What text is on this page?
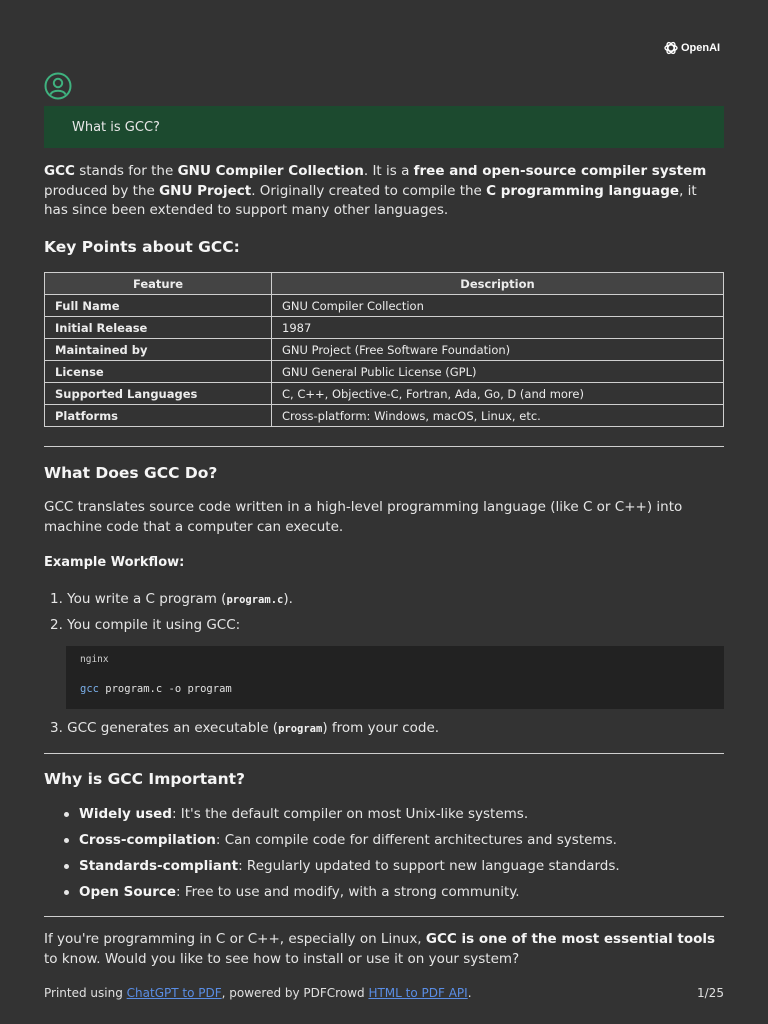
OpenAI
What is GCC?
GCC stands for the GNU Compiler Collection. It is a free and open-source compiler system produced by the GNU Project. Originally created to compile the C programming language, it has since been extended to support many other languages.
Key Points about GCC:
Feature	Description
Full Name	GNU Compiler Collection
Initial Release	1987
Maintained by	GNU Project (Free Software Foundation)
License	GNU General Public License (GPL)
Supported Languages	C, C++, Objective-C, Fortran, Ada, Go, D (and more)
Platforms	Cross-platform: Windows, macOS, Linux, etc.
What Does GCC Do?
GCC translates source code written in a high-level programming language (like C or C++) into machine code that a computer can execute.
Example Workflow:
1. You write a C program (program.c).
2. You compile it using GCC:
nginx
gcc program.c -o program
3. GCC generates an executable (program) from your code.
Why is GCC Important?
Widely used: It's the default compiler on most Unix-like systems.
Cross-compilation: Can compile code for different architectures and systems.
Standards-compliant: Regularly updated to support new language standards.
Open Source: Free to use and modify, with a strong community.
If you're programming in C or C++, especially on Linux, GCC is one of the most essential tools to know. Would you like to see how to install or use it on your system?
Printed using ChatGPT to PDF, powered by PDFCrowd HTML to PDF API.	1/25
